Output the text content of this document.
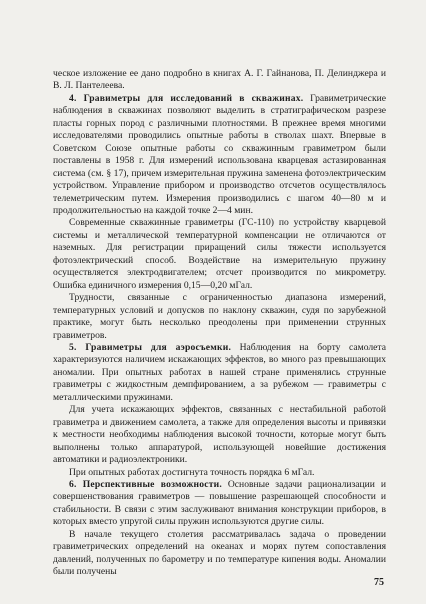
ческое изложение ее дано подробно в книгах А. Г. Гайнанова, П. Делинджера и В. Л. Пантелеева.

4. Гравиметры для исследований в скважинах. Гравиметрические наблюдения в скважинах позволяют выделить в стратиграфическом разрезе пласты горных пород с различными плотностями. В прежнее время многими исследователями проводились опытные работы в стволах шахт. Впервые в Советском Союзе опытные работы со скважинным гравиметром были поставлены в 1958 г. Для измерений использована кварцевая астазированная система (см. § 17), причем измерительная пружина заменена фотоэлектрическим устройством. Управление прибором и производство отсчетов осуществлялось телеметрическим путем. Измерения производились с шагом 40—80 м и продолжительностью на каждой точке 2—4 мин.

Современные скважинные гравиметры (ГС-110) по устройству кварцевой системы и металлической температурной компенсации не отличаются от наземных. Для регистрации приращений силы тяжести используется фотоэлектрический способ. Воздействие на измерительную пружину осуществляется электродвигателем; отсчет производится по микрометру. Ошибка единичного измерения 0,15—0,20 мГал.

Трудности, связанные с ограниченностью диапазона измерений, температурных условий и допусков по наклону скважин, судя по зарубежной практике, могут быть несколько преодолены при применении струнных гравиметров.

5. Гравиметры для аэросъемки. Наблюдения на борту самолета характеризуются наличием искажающих эффектов, во много раз превышающих аномалии. При опытных работах в нашей стране применялись струнные гравиметры с жидкостным демпфированием, а за рубежом — гравиметры с металлическими пружинами.

Для учета искажающих эффектов, связанных с нестабильной работой гравиметра и движением самолета, а также для определения высоты и привязки к местности необходимы наблюдения высокой точности, которые могут быть выполнены только аппаратурой, использующей новейшие достижения автоматики и радиоэлектроники.

При опытных работах достигнута точность порядка 6 мГал.

6. Перспективные возможности. Основные задачи рационализации и совершенствования гравиметров — повышение разрешающей способности и стабильности. В связи с этим заслуживают внимания конструкции приборов, в которых вместо упругой силы пружин используются другие силы.

В начале текущего столетия рассматривалась задача о проведении гравиметрических определений на океанах и морях путем сопоставления давлений, полученных по барометру и по температуре кипения воды. Аномалии были получены

75
